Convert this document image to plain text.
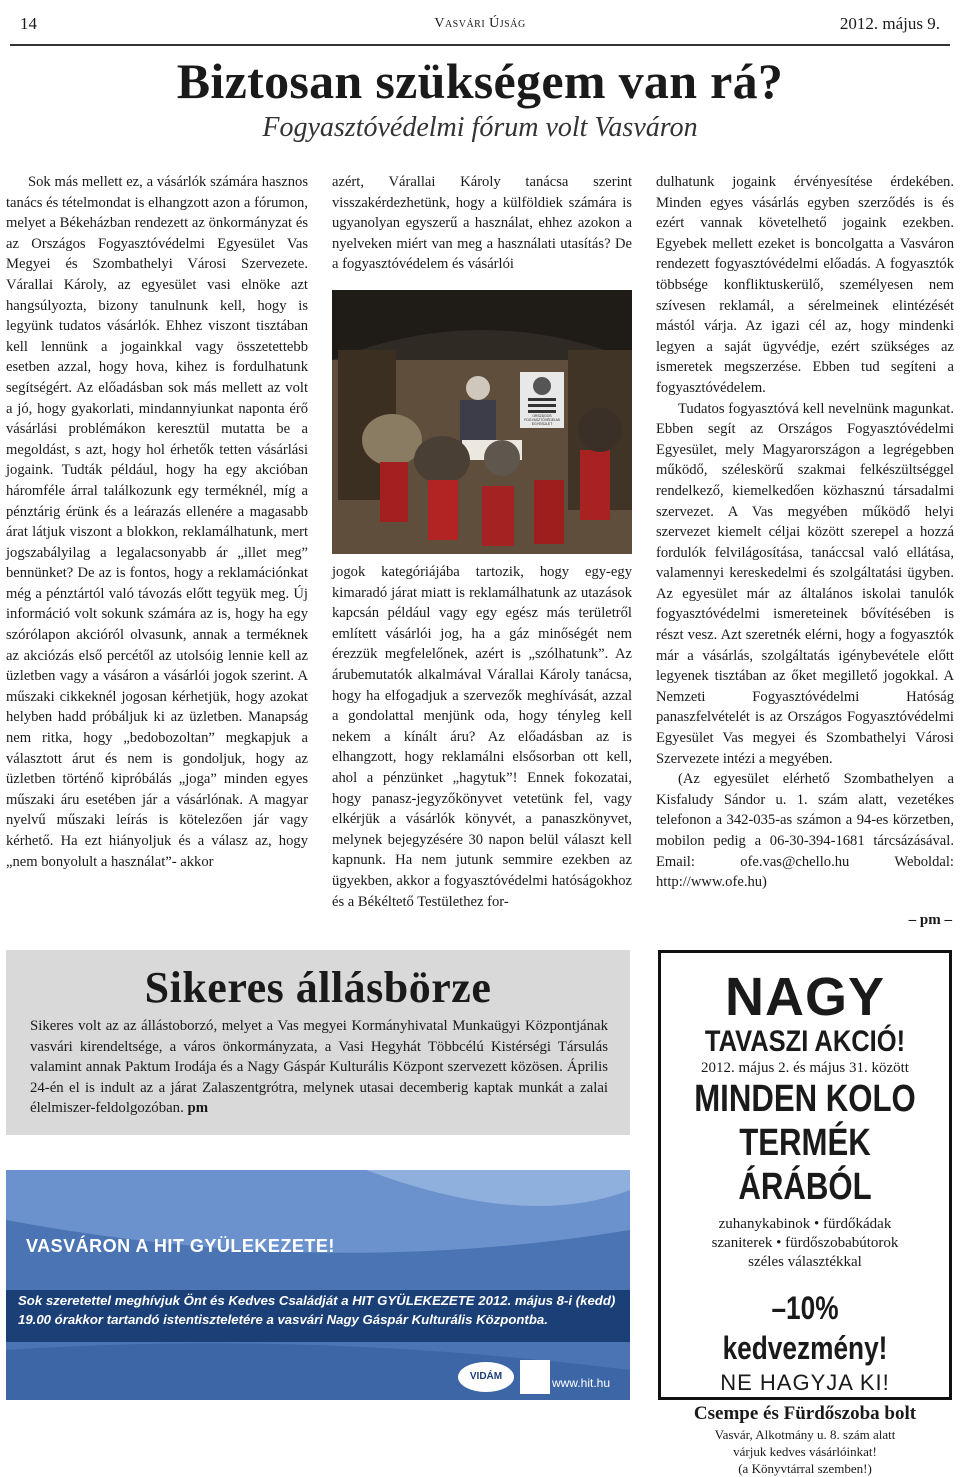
14	Vasvári Újság	2012. május 9.
Biztosan szükségem van rá?
Fogyasztóvédelmi fórum volt Vasváron

Sok más mellett ez, a vásárlók számára hasznos tanács és tételmondat is elhangzott azon a fórumon, melyet a Békeházban rendezett az önkormányzat és az Országos Fogyasztóvédelmi Egyesület Vas Megyei és Szombathelyi Városi Szervezete. Várallai Károly, az egyesület vasi elnöke azt hangsúlyozta, bizony tanulnunk kell, hogy is legyünk tudatos vásárlók. Ehhez viszont tisztában kell lennünk a jogainkkal vagy összetettebb esetben azzal, hogy hova, kihez is fordulhatunk segítségért. Az előadásban sok más mellett az volt a jó, hogy gyakorlati, mindannyiunkat naponta érő vásárlási problémákon keresztül mutatta be a megoldást, s azt, hogy hol érhetők tetten vásárlási jogaink. Tudták például, hogy ha egy akcióban háromféle árral találkozunk egy terméknél, míg a pénztárig érünk és a leárazás ellenére a magasabb árat látjuk viszont a blokkon, reklamálhatunk, mert jogszabályilag a legalacsonyabb ár „illet meg” bennünket? De az is fontos, hogy a reklamációnkat még a pénztártól való távozás előtt tegyük meg. Új információ volt sokunk számára az is, hogy ha egy szórólapon akcióról olvasunk, annak a terméknek az akciózás első percétől az utolsóig lennie kell az üzletben vagy a vásáron a vásárlói jogok szerint. A műszaki cikkeknél jogosan kérhetjük, hogy azokat helyben hadd próbáljuk ki az üzletben. Manapság nem ritka, hogy „bedobozoltan” megkapjuk a választott árut és nem is gondoljuk, hogy az üzletben történő kipróbálás „joga” minden egyes műszaki áru esetében jár a vásárlónak. A magyar nyelvű műszaki leírás is kötelezően jár vagy kérhető. Ha ezt hiányoljuk és a válasz az, hogy „nem bonyolult a használat”- akkor

azért, Várallai Károly tanácsa szerint visszakérdezhetünk, hogy a külföldiek számára is ugyanolyan egyszerű a használat, ehhez azokon a nyelveken miért van meg a használati utasítás? De a fogyasztóvédelem és vásárlói

ORSZÁGOS FOGYASZTÓVÉDELMI EGYESÜLET

jogok kategóriájába tartozik, hogy egy-egy kimaradó járat miatt is reklamálhatunk az utazások kapcsán például vagy egy egész más területről említett vásárlói jog, ha a gáz minőségét nem érezzük megfelelőnek, azért is „szólhatunk”. Az árubemutatók alkalmával Várallai Károly tanácsa, hogy ha elfogadjuk a szervezők meghívását, azzal a gondolattal menjünk oda, hogy tényleg kell nekem a kínált áru? Az előadásban az is elhangzott, hogy reklamálni elsősorban ott kell, ahol a pénzünket „hagytuk”! Ennek fokozatai, hogy panasz-jegyzőkönyvet vetetünk fel, vagy elkérjük a vásárlók könyvét, a panaszkönyvet, melynek bejegyzésére 30 napon belül választ kell kapnunk. Ha nem jutunk semmire ezekben az ügyekben, akkor a fogyasztóvédelmi hatóságokhoz és a Békéltető Testülethez for-

dulhatunk jogaink érvényesítése érdekében. Minden egyes vásárlás egyben szerződés is és ezért vannak követelhető jogaink ezekben. Egyebek mellett ezeket is boncolgatta a Vasváron rendezett fogyasztóvédelmi előadás. A fogyasztók többsége konfliktuskerülő, személyesen nem szívesen reklamál, a sérelmeinek elintézését mástól várja. Az igazi cél az, hogy mindenki legyen a saját ügyvédje, ezért szükséges az ismeretek megszerzése. Ebben tud segíteni a fogyasztóvédelem.

Tudatos fogyasztóvá kell nevelnünk magunkat. Ebben segít az Országos Fogyasztóvédelmi Egyesület, mely Magyarországon a legrégebben működő, széleskörű szakmai felkészültséggel rendelkező, kiemelkedően közhasznú társadalmi szervezet. A Vas megyében működő helyi szervezet kiemelt céljai között szerepel a hozzá fordulók felvilágosítása, tanáccsal való ellátása, valamennyi kereskedelmi és szolgáltatási ügyben. Az egyesület már az általános iskolai tanulók fogyasztóvédelmi ismereteinek bővítésében is részt vesz. Azt szeretnék elérni, hogy a fogyasztók már a vásárlás, szolgáltatás igénybevétele előtt legyenek tisztában az őket megillető jogokkal. A Nemzeti Fogyasztóvédelmi Hatóság panaszfelvételét is az Országos Fogyasztóvédelmi Egyesület Vas megyei és Szombathelyi Városi Szervezete intézi a megyében.

(Az egyesület elérhető Szombathelyen a Kisfaludy Sándor u. 1. szám alatt, vezetékes telefonon a 342-035-as számon a 94-es körzetben, mobilon pedig a 06-30-394-1681 tárcsázásával. Email: ofe.vas@chello.hu Weboldal: http://www.ofe.hu)

– pm –
Sikeres állásbörze
Sikeres volt az az állástoborzó, melyet a Vas megyei Kormányhivatal Munkaügyi Központjának vasvári kirendeltsége, a város önkormányzata, a Vasi Hegyhát Többcélú Kistérségi Társulás valamint annak Paktum Irodája és a Nagy Gáspár Kulturális Központ szervezett közösen. Április 24-én el is indult az a járat Zalaszentgrótra, melynek utasai decemberig kaptak munkát a zalai élelmiszer-feldolgozóban. pm
VASVÁRON A HIT GYÜLEKEZETE!
Sok szeretettel meghívjuk Önt és Kedves Családját a HIT GYÜLEKEZETE 2012. május 8-i (kedd)
19.00 órakkor tartandó istentiszteletére a vasvári Nagy Gáspár Kulturális Központba.
VIDÁM	www.hit.hu
NAGY
TAVASZI AKCIÓ!
2012. május 2. és május 31. között
MINDEN KOLO
TERMÉK ÁRÁBÓL
zuhanykabinok • fürdőkádak
szaniterek • fürdőszobabútorok
széles választékkal
–10% kedvezmény!
NE HAGYJA KI!
Csempe és Fürdőszoba bolt
Vasvár, Alkotmány u. 8. szám alatt
várjuk kedves vásárlóinkat!
(a Könyvtárral szemben!)
